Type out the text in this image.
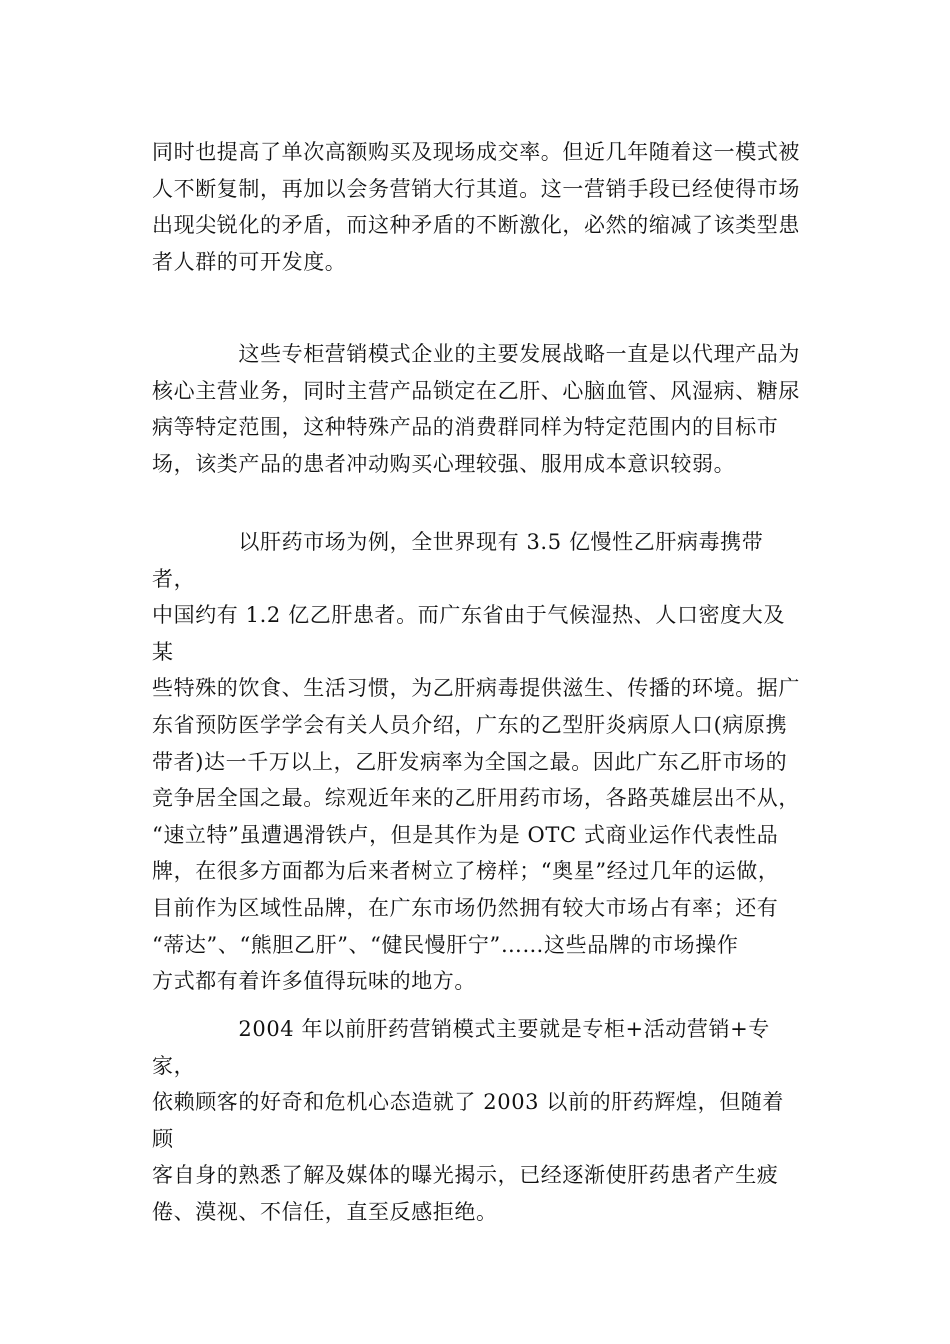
同时也提高了单次高额购买及现场成交率。但近几年随着这一模式被
人不断复制，再加以会务营销大行其道。这一营销手段已经使得市场
出现尖锐化的矛盾，而这种矛盾的不断激化，必然的缩减了该类型患
者人群的可开发度。

　　　　这些专柜营销模式企业的主要发展战略一直是以代理产品为
核心主营业务，同时主营产品锁定在乙肝、心脑血管、风湿病、糖尿
病等特定范围，这种特殊产品的消费群同样为特定范围内的目标市
场，该类产品的患者冲动购买心理较强、服用成本意识较弱。

　　　　以肝药市场为例，全世界现有 3.5 亿慢性乙肝病毒携带者，
中国约有 1.2 亿乙肝患者。而广东省由于气候湿热、人口密度大及某
些特殊的饮食、生活习惯，为乙肝病毒提供滋生、传播的环境。据广
东省预防医学学会有关人员介绍，广东的乙型肝炎病原人口(病原携
带者)达一千万以上，乙肝发病率为全国之最。因此广东乙肝市场的
竞争居全国之最。综观近年来的乙肝用药市场，各路英雄层出不从，
“速立特”虽遭遇滑铁卢，但是其作为是 OTC 式商业运作代表性品
牌，在很多方面都为后来者树立了榜样；“奥星”经过几年的运做，
目前作为区域性品牌，在广东市场仍然拥有较大市场占有率；还有
“蒂达”、“熊胆乙肝”、“健民慢肝宁”……这些品牌的市场操作
方式都有着许多值得玩味的地方。

　　　　2004 年以前肝药营销模式主要就是专柜+活动营销+专家，
依赖顾客的好奇和危机心态造就了 2003 以前的肝药辉煌，但随着顾
客自身的熟悉了解及媒体的曝光揭示，已经逐渐使肝药患者产生疲
倦、漠视、不信任，直至反感拒绝。
